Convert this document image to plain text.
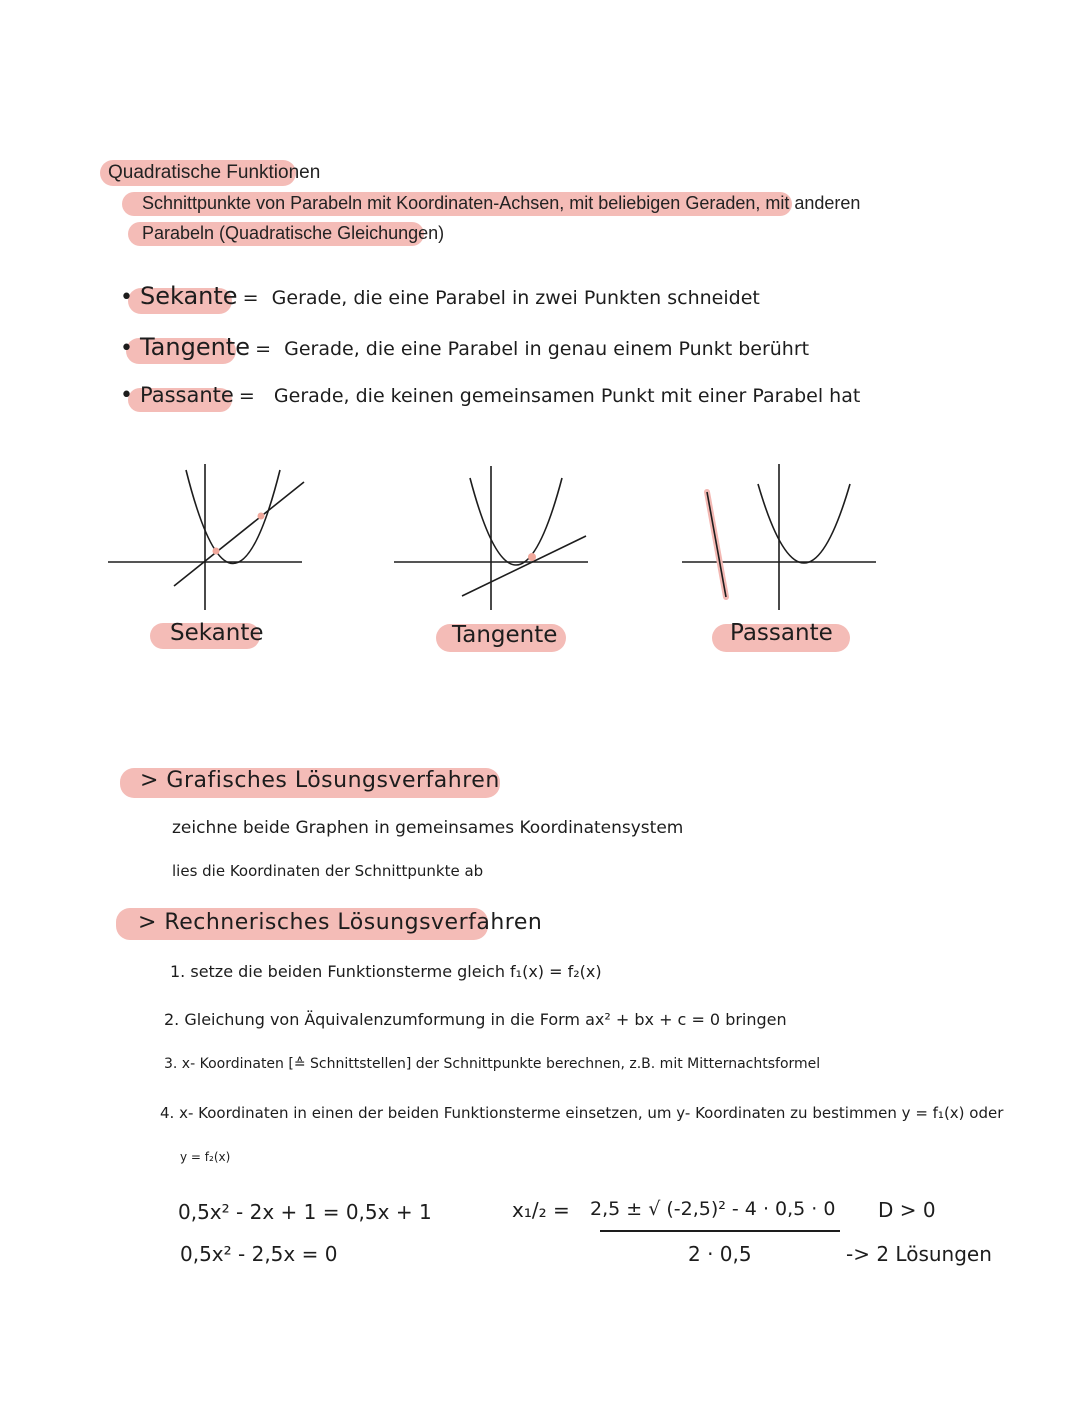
Quadratische Funktionen
Schnittpunkte von Parabeln mit Koordinaten-Achsen, mit beliebigen Geraden, mit anderen
Parabeln (Quadratische Gleichungen)
• Sekante = Gerade, die eine Parabel in zwei Punkten schneidet
• Tangente = Gerade, die eine Parabel in genau einem Punkt berührt
• Passante = Gerade, die keinen gemeinsamen Punkt mit einer Parabel hat
Sekante	Tangente	Passante
> Grafisches Lösungsverfahren
zeichne beide Graphen in gemeinsames Koordinatensystem
lies die Koordinaten der Schnittpunkte ab
> Rechnerisches Lösungsverfahren
1. setze die beiden Funktionsterme gleich f₁(x) = f₂(x)
2. Gleichung von Äquivalenzumformung in die Form ax² + bx + c = 0 bringen
3. x- Koordinaten [≙ Schnittstellen] der Schnittpunkte berechnen, z.B. mit Mitternachtsformel
4. x- Koordinaten in einen der beiden Funktionsterme einsetzen, um y- Koordinaten zu bestimmen y = f₁(x) oder
y = f₂(x)
0,5x² - 2x + 1 = 0,5x + 1
0,5x² - 2,5x = 0
x₁/₂ = 2,5 ± √ (-2,5)² - 4 · 0,5 · 0
2 · 0,5
D > 0
-> 2 Lösungen
